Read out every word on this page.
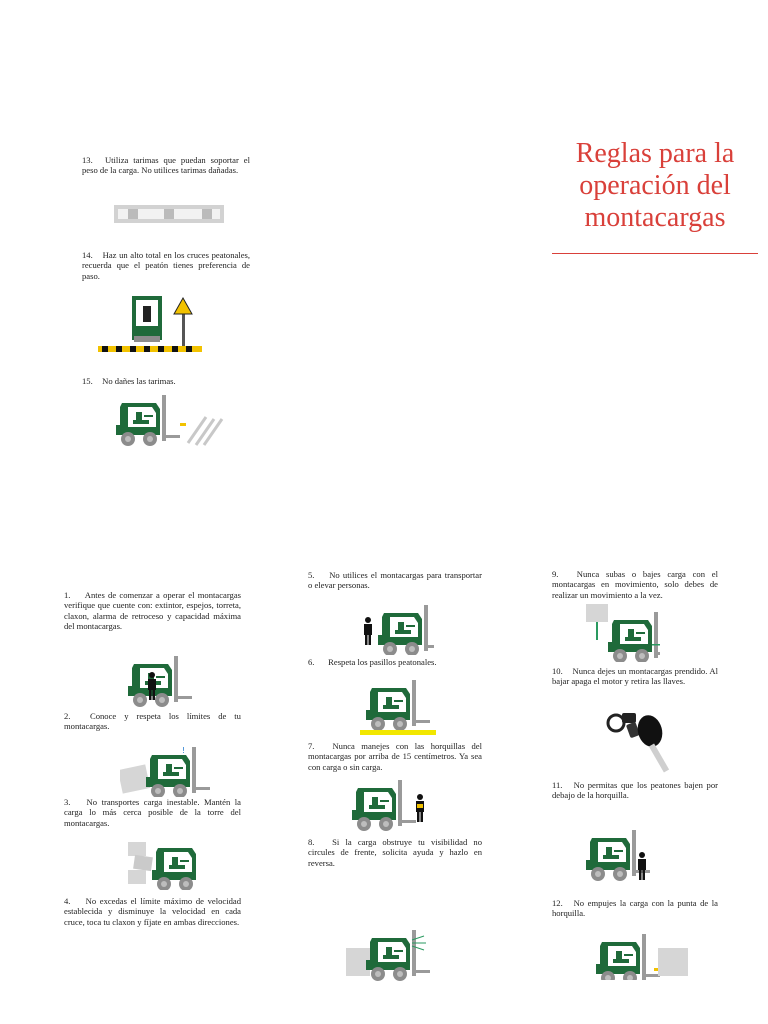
Reglas para la operación del montacargas
13. Utiliza tarimas que puedan soportar el peso de la carga. No utilices tarimas dañadas.
14. Haz un alto total en los cruces peatonales, recuerda que el peatón tienes preferencia de paso.
15. No dañes las tarimas.
1. Antes de comenzar a operar el montacargas verifique que cuente con: extintor, espejos, torreta, claxon, alarma de retroceso y capacidad máxima del montacargas.
2. Conoce y respeta los límites de tu montacargas.
!
3. No transportes carga inestable. Mantén la carga lo más cerca posible de la torre del montacargas.
4. No excedas el límite máximo de velocidad establecida y disminuye la velocidad en cada cruce, toca tu claxon y fíjate en ambas direcciones.
5. No utilices el montacargas para transportar o elevar personas.
6. Respeta los pasillos peatonales.
7. Nunca manejes con las horquillas del montacargas por arriba de 15 centímetros. Ya sea con carga o sin carga.
8. Si la carga obstruye tu visibilidad no circules de frente, solicita ayuda y hazlo en reversa.
9. Nunca subas o bajes carga con el montacargas en movimiento, solo debes de realizar un movimiento a la vez.
10. Nunca dejes un montacargas prendido. Al bajar apaga el motor y retira las llaves.
11. No permitas que los peatones bajen por debajo de la horquilla.
12. No empujes la carga con la punta de la horquilla.
